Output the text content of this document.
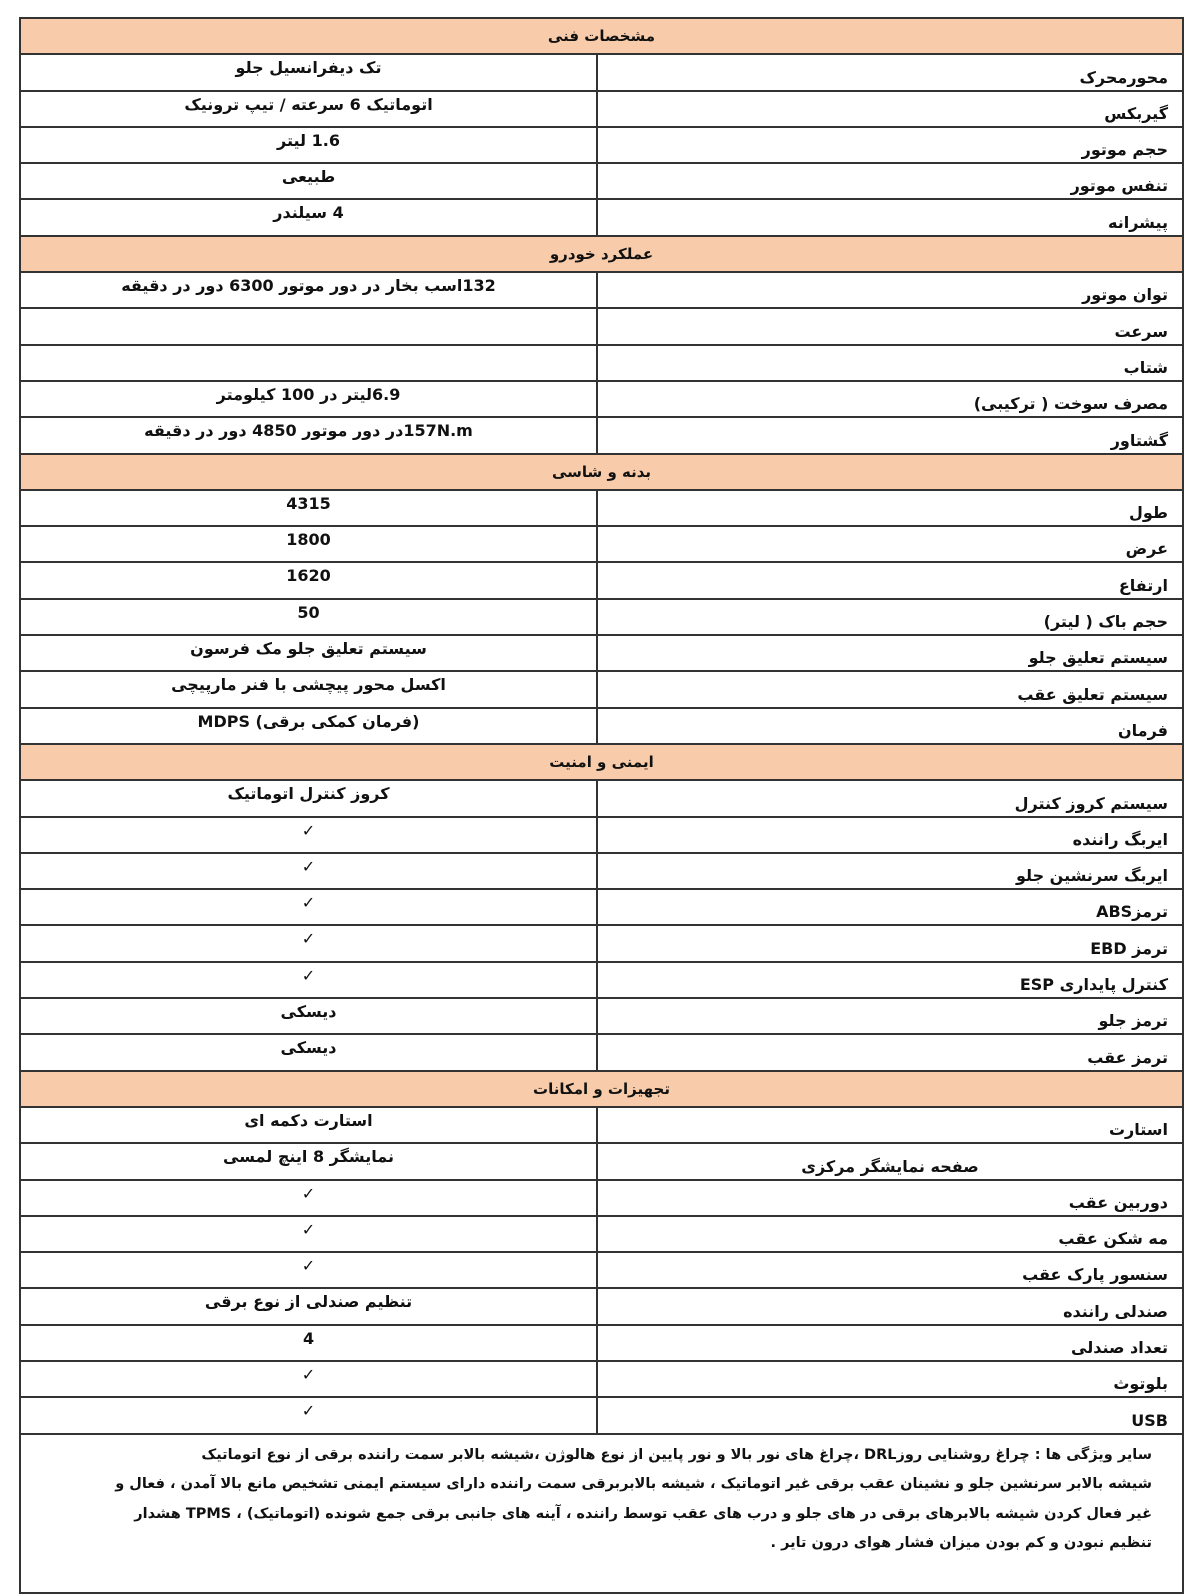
مشخصات فنی
محورمحرک
تک دیفرانسیل جلو
گیربکس
اتوماتیک 6 سرعته / تیپ ترونیک
حجم موتور
1.6 لیتر
تنفس موتور
طبیعی
پیشرانه
4 سیلندر
عملکرد خودرو
توان موتور
132اسب بخار در دور موتور 6300 دور در دقیقه
سرعت
شتاب
مصرف سوخت ( ترکیبی)
6.9لیتر در 100 کیلومتر
گشتاور
157N.mدر دور موتور 4850 دور در دقیقه
بدنه و شاسی
طول
4315
عرض
1800
ارتفاع
1620
حجم باک ( لیتر)
50
سیستم تعلیق جلو
سیستم تعلیق جلو مک فرسون
سیستم تعلیق عقب
اکسل محور پیچشی با فنر مارپیچی
فرمان
(فرمان کمکی برقی) MDPS
ایمنی و امنیت
سیستم کروز کنترل
کروز کنترل اتوماتیک
ایربگ راننده
✓
ایربگ سرنشین جلو
✓
ترمزABS
✓
ترمز EBD
✓
کنترل پایداری ESP
✓
ترمز جلو
دیسکی
ترمز عقب
دیسکی
تجهیزات و امکانات
استارت
استارت دکمه ای
صفحه نمایشگر مرکزی
نمایشگر 8 اینچ لمسی
دوربین عقب
✓
مه شکن عقب
✓
سنسور پارک عقب
✓
صندلی راننده
تنظیم صندلی از نوع برقی
تعداد صندلی
4
بلوتوث
✓
USB
✓
سایر ویژگی ها : چراغ روشنایی روزDRL ،چراغ های نور بالا و نور پایین از نوع هالوژن ،شیشه بالابر سمت راننده برقی از نوع اتوماتیک
شیشه بالابر سرنشین جلو و نشینان عقب برقی غیر اتوماتیک ، شیشه بالابربرقی سمت راننده دارای سیستم ایمنی تشخیص مانع بالا آمدن ، فعال و
غیر فعال کردن شیشه بالابرهای برقی در های جلو و درب های عقب توسط راننده ، آینه های جانبی برقی جمع شونده (اتوماتیک) ، TPMS هشدار
تنظیم نبودن و کم بودن میزان فشار هوای درون تایر .
